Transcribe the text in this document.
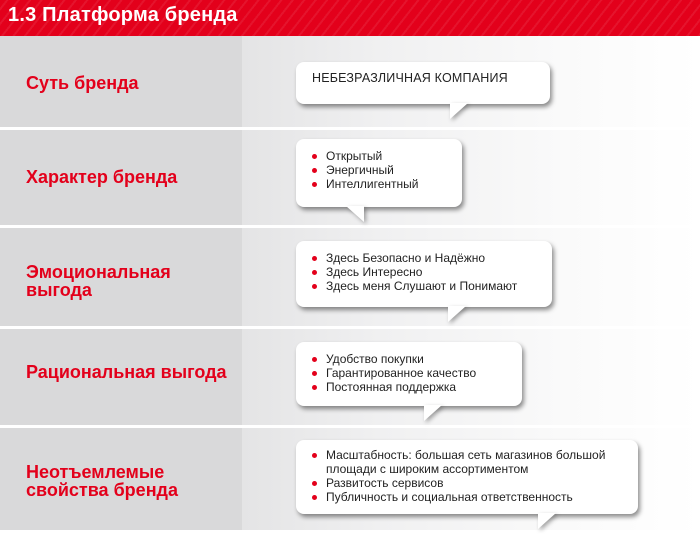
1.3 Платформа бренда
Суть бренда	НЕБЕЗРАЗЛИЧНАЯ КОМПАНИЯ
Характер бренда
Открытый
Энергичный
Интеллигентный
Эмоциональная выгода
Здесь Безопасно и Надёжно
Здесь Интересно
Здесь меня Слушают и Понимают
Рациональная выгода
Удобство покупки
Гарантированное качество
Постоянная поддержка
Неотъемлемые свойства бренда
Масштабность: большая сеть магазинов большой площади с широким ассортиментом
Развитость сервисов
Публичность и социальная ответственность
